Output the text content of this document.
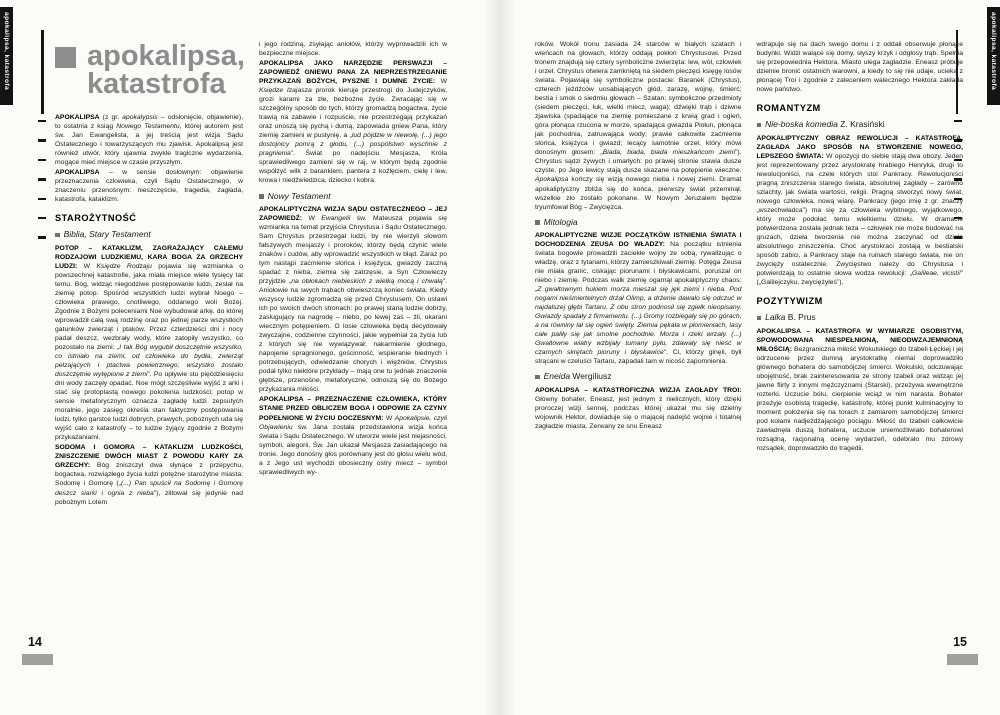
apokalipsa, katastrofa	apokalipsa, katastrofa
apokalipsa,
katastrofa
APOKALIPSA (z gr. apokalypsis – odsłonięcie, objawienie), to ostatnia z ksiąg Nowego Testamentu, której autorem jest św. Jan Ewangelista, a jej treścią jest wizja Sądu Ostatecznego i towarzyszących mu zjawisk. Apokalipsą jest również utwór, który ujawnia zwykle tragiczne wydarzenia, mogące mieć miejsce w czasie przyszłym.
APOKALIPSA – w sensie dosłownym: objawienie przeznaczenia człowieka, czyli Sądu Ostatecznego, w znaczeniu przenośnym: nieszczęście, tragedia, zagłada, katastrofa, kataklizm.
STAROŻYTNOŚĆ
Biblia, Stary Testament
POTOP – KATAKLIZM, ZAGRAŻAJĄCY CAŁEMU RODZAJOWI LUDZKIEMU, KARA BOGA ZA GRZECHY LUDZI: W Księdze Rodzaju pojawia się wzmianka o powszechnej katastrofie, jaka miała miejsce wiele tysięcy lat temu. Bóg, widząc niegodziwe postępowanie ludzi, zesłał na ziemię potop. Spośród wszystkich ludzi wybrał Noego – człowieka prawego, cnotliwego, oddanego woli Bożej. Zgodnie z Bożymi poleceniami Noe wybudował arkę, do której wprowadził całą swą rodzinę oraz po jednej parze wszystkich gatunków zwierząt i ptaków. Przez czterdzieści dni i nocy padał deszcz, wezbrały wody, które zatopiły wszystko, co pozostało na ziemi: „I tak Bóg wygubił doszczętnie wszystko, co istniało na ziemi, od człowieka do bydła, zwierząt pełzających i ptactwa powietrznego; wszystko zostało doszczętnie wytępione z ziemi”. Po upływie stu pięćdziesięciu dni wody zaczęły opadać. Noe mógł szczęśliwie wyjść z arki i stać się protoplastą nowego pokolenia ludzkości; potop w sensie metaforycznym oznacza zagładę ludzi zepsutych moralnie, jego zasięg określa stan faktyczny postępowania ludzi, tylko garstce ludzi dobrych, prawych, pobożnych uda się wyjść cało z katastrofy – to ludzie żyjący zgodnie z Bożymi przykazaniami.
SODOMA I GOMORA – KATAKLIZM LUDZKOŚCI, ZNISZCZENIE DWÓCH MIAST Z POWODU KARY ZA GRZECHY: Bóg zniszczył dwa słynące z przepychu, bogactwa, rozwiązłego życia ludzi potężne starożytne miasta: Sodomę i Gomorę („(...) Pan spuścił na Sodomę i Gomorę deszcz siarki i ognia z nieba”), zlitował się jedynie nad pobożnym Lotem
i jego rodziną, zsyłając aniołów, którzy wyprowadzili ich w bezpieczne miejsce.
APOKALIPSA JAKO NARZĘDZIE PERSWAZJI – ZAPOWIEDŹ GNIEWU PANA ZA NIEPRZESTRZEGANIE PRZYKAZAŃ BOŻYCH, PYSZNE I DUMNE ŻYCIE: W Księdze Izajasza prorok kieruje przestrogi do Judejczyków, grozi karami za złe, bezbożne życie. Zwracając się w szczególny sposób do tych, którzy gromadzą bogactwa, życie trawią na zabawie i rozpuście, nie przestrzegają przykazań oraz unoszą się pychą i dumą, zapowiada gniew Pana, który ziemię zamieni w pustynię, a „lud pójdzie w niewolę, (...) jego dostojnicy pomrą z głodu, (...) pospólstwo wyschnie z pragnienia”. Świat po nadejściu Mesjasza, Króla sprawiedliwego zamieni się w raj, w którym będą zgodnie współżyć wilk z barankiem, pantera z koźlęciem, cielę i lew, krowa i niedźwiedzica, dziecko i kobra.
Nowy Testament
APOKALIPTYCZNA WIZJA SĄDU OSTATECZNEGO – JEJ ZAPOWIEDŹ: W Ewangelii św. Mateusza pojawia się wzmianka na temat przyjścia Chrystusa i Sądu Ostatecznego. Sam Chrystus przestrzegał ludzi, by nie wierzyli słowom fałszywych mesjaszy i proroków, którzy będą czynić wiele znaków i cudów, aby wprowadzić wszystkich w błąd. Zaraz po tym nastąpi zaćmienie słońca i księżyca, gwiazdy zaczną spadać z nieba, ziemia się zatrzęsie, a Syn Człowieczy przyjdzie „na obłokach niebieskich z wielką mocą i chwałą”. Aniołowie na swych trąbach obwieszczą koniec świata. Kiedy wszyscy ludzie zgromadzą się przed Chrystusem, On ustawi ich po swoich dwóch stronach: po prawej staną ludzie dobrzy, zasługujący na nagrodę – niebo, po lewej zaś – źli, ukarani wiecznym potępieniem. O losie człowieka będą decydowały zwyczajne, codzienne czynności, jakie wypełniał za życia lub z których się nie wywiązywał: nakarmienie głodnego, napojenie spragnionego, gościnność, wspieranie biednych i potrzebujących, odwiedzanie chorych i więźniów. Chrystus podał tylko niektóre przykłady – mają one tu jednak znaczenie głębsze, przenośne, metaforyczne, odnoszą się do Bożego przykazania miłości.
APOKALIPSA – PRZEZNACZENIE CZŁOWIEKA, KTÓRY STANIE PRZED OBLICZEM BOGA I ODPOWIE ZA CZYNY POPEŁNIONE W ŻYCIU DOCZESNYM: W Apokalipsie, czyli Objawieniu św. Jana została przedstawiona wizja końca świata i Sądu Ostatecznego. W utworze wiele jest niejasności, symboli, alegorii. Św. Jan ukazał Mesjasza zasiadającego na tronie. Jego donośny głos porównany jest do głosu wielu wód, a z Jego ust wychodzi obosieczny ostry miecz – symbol sprawiedliwych wy-
14
roków. Wokół tronu zasiada 24 starców w białych szatach i wieńcach na głowach, którzy oddają pokłon Chrystusowi. Przed tronem znajdują się cztery symboliczne zwierzęta: lew, wół, człowiek i orzeł. Chrystus otwiera zamkniętą na siedem pieczęci księgę losów świata. Pojawiają się symboliczne postacie: Baranek (Chrystus), czterech jeźdźców uosabiających głód, zarazę, wojnę, śmierć; bestia i smok o siedmiu głowach – Szatan; symboliczne przedmioty (siedem pieczęci, łuk, wielki miecz, waga); dźwięki trąb i dziwne zjawiska (spadające na ziemię pomieszane z krwią grad i ogień, góra płonąca rzucona w morze, spadająca gwiazda Piołun, płonąca jak pochodnia, zatruwająca wody; prawie całkowite zaćmienie słońca, księżyca i gwiazd; lecący samotnie orzeł, który mówi donośnym głosem: „Biada, biada, biada mieszkańcom ziemi”). Chrystus sądzi żywych i umarłych: po prawej stronie stawia dusze czyste, po Jego lewicy stają dusze skazane na potępienie wieczne. Apokalipsa kończy się wizją nowego nieba i nowej ziemi. Dramat apokaliptyczny zbliża się do końca, pierwszy świat przeminął, wszelkie zło zostało pokonane. W Nowym Jeruzalem będzie tryumfował Bóg – Zwycięzca.
Mitologia
APOKALIPTYCZNE WIZJE POCZĄTKÓW ISTNIENIA ŚWIATA I DOCHODZENIA ZEUSA DO WŁADZY: Na początku istnienia świata bogowie prowadzili zaciekłe wojny ze sobą, rywalizując o władzę, oraz z tytanami, którzy zamieszkiwali ziemię. Potęga Zeusa nie miała granic, ciskając piorunami i błyskawicami, poruszał on niebo i ziemię. Podczas walk ziemię ogarnął apokaliptyczny chaos: „Z gwałtownym hukiem morza mieszał się jęk ziemi i nieba. Pod nogami nieśmiertelnych drżał Olimp, a drżenie dawało się odczuć w najdalszej głębi Tartaru. Z obu stron podnosił się zgiełk nieopisany. Gwiazdy spadały z firmamentu. (...) Gromy rozbiegały się po górach, a na równiny lał się ogień święty. Ziemia pękała w płomieniach, lasy całe paliły się jak smolne pochodnie. Morza i rzeki wrzały. (...) Gwałtowne wiatry wzbijały tumany pyłu, zdawały się nieść w czarnych skrętach pioruny i błyskawice”. Ci, którzy ginęli, byli strącani w czeluści Tartaru, zapadali tam w nicość zapomnienia.
Eneida Wergiliusz
APOKALIPSA – KATASTROFICZNA WIZJA ZAGŁADY TROI: Główny bohater, Eneasz, jest jednym z nielicznych, który dzięki proroczej wizji sennej, podczas której ukazał mu się dzielny wojownik Hektor, dowiaduje się o mającej nadejść wojnie i totalnej zagładzie miasta. Zerwany ze snu Eneasz
wdrapuje się na dach swego domu i z oddali obserwuje płonące budynki. Widzi walące się domy, słyszy krzyk i odgłosy trąb. Spełnia się przepowiednia Hektora. Miasto ulega zagładzie. Eneasz próbuje dzielnie bronić ostatnich warowni, a kiedy to się nie udaje, ucieka z płonącej Troi i zgodnie z zaleceniem walecznego Hektora zakłada nowe państwo.
ROMANTYZM
Nie-boska komedia Z. Krasiński
APOKALIPTYCZNY OBRAZ REWOLUCJI – KATASTROFA, ZAGŁADA JAKO SPOSÓB NA STWORZENIE NOWEGO, LEPSZEGO ŚWIATA: W opozycji do siebie stają dwa obozy. Jeden jest reprezentowany przez arystokratę hrabiego Henryka, drugi to rewolucjoniści, na czele których stoi Pankracy. Rewolucjoniści pragną zniszczenia starego świata, absolutnej zagłady – zarówno szlachty, jak świata wartości, religii. Pragną stworzyć nowy świat, nowego człowieka, nową wiarę. Pankracy (jego imię z gr. znaczy „wszechwładca”) ma się za człowieka wybitnego, wyjątkowego, który może podołać temu wielkiemu dziełu. W dramacie potwierdzona została jednak teza – człowiek nie może budować na gruzach, dzieła tworzenia nie można zaczynać od dzieła absolutnego zniszczenia. Choć arystokraci zostają w bestialski sposób zabici, a Pankracy staje na ruinach starego świata, nie on zwycięży ostatecznie. Zwycięstwo należy do Chrystusa i potwierdzają to ostatnie słowa wodza rewolucji: „Galileae, vicisti!” („Galilejczyku, zwyciężyłeś”).
POZYTYWIZM
Lalka B. Prus
APOKALIPSA – KATASTROFA W WYMIARZE OSOBISTYM, SPOWODOWANA NIESPEŁNIONĄ, NIEODWZAJEMNIONĄ MIŁOŚCIĄ: Bezgraniczna miłość Wokulskiego do Izabeli Łęckiej i jej odrzucenie przez dumną arystokratkę niemal doprowadziło głównego bohatera do samobójczej śmierci. Wokulski, odczuwając obojętność, brak zainteresowania ze strony Izabeli oraz widząc jej jawne flirty z innymi mężczyznami (Starski), przeżywa wewnętrzne rozterki. Uczucie bólu, cierpienie wciąż w nim narasta. Bohater przeżyje osobistą tragedię, katastrofę, której punkt kulminacyjny to moment położenia się na torach z zamiarem samobójczej śmierci pod kołami nadjeżdżającego pociągu. Miłość do Izabeli całkowicie zawładnęła duszą bohatera, uczucie uniemożliwiało bohaterowi rozsądną, racjonalną ocenę wydarzeń, odebrało mu zdrowy rozsądek, doprowadziło do tragedii.
15
